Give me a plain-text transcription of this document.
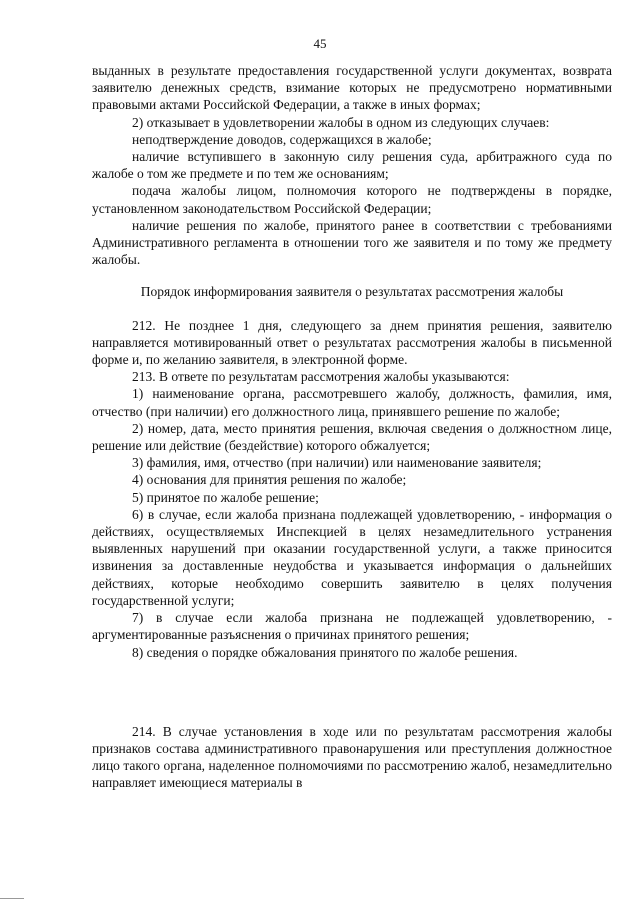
45

выданных в результате предоставления государственной услуги документах, возврата заявителю денежных средств, взимание которых не предусмотрено нормативными правовыми актами Российской Федерации, а также в иных формах;

2) отказывает в удовлетворении жалобы в одном из следующих случаев:

неподтверждение доводов, содержащихся в жалобе;

наличие вступившего в законную силу решения суда, арбитражного суда по жалобе о том же предмете и по тем же основаниям;

подача жалобы лицом, полномочия которого не подтверждены в порядке, установленном законодательством Российской Федерации;

наличие решения по жалобе, принятого ранее в соответствии с требованиями Административного регламента в отношении того же заявителя и по тому же предмету жалобы.

Порядок информирования заявителя о результатах рассмотрения жалобы

212. Не позднее 1 дня, следующего за днем принятия решения, заявителю направляется мотивированный ответ о результатах рассмотрения жалобы в письменной форме и, по желанию заявителя, в электронной форме.

213. В ответе по результатам рассмотрения жалобы указываются:

1) наименование органа, рассмотревшего жалобу, должность, фамилия, имя, отчество (при наличии) его должностного лица, принявшего решение по жалобе;

2) номер, дата, место принятия решения, включая сведения о должностном лице, решение или действие (бездействие) которого обжалуется;

3) фамилия, имя, отчество (при наличии) или наименование заявителя;

4) основания для принятия решения по жалобе;

5) принятое по жалобе решение;

6) в случае, если жалоба признана подлежащей удовлетворению, - информация о действиях, осуществляемых Инспекцией в целях незамедлительного устранения выявленных нарушений при оказании государственной услуги, а также приносится извинения за доставленные неудобства и указывается информация о дальнейших действиях, которые необходимо совершить заявителю в целях получения государственной услуги;

7) в случае если жалоба признана не подлежащей удовлетворению, - аргументированные разъяснения о причинах принятого решения;

8) сведения о порядке обжалования принятого по жалобе решения.

214. В случае установления в ходе или по результатам рассмотрения жалобы признаков состава административного правонарушения или преступления должностное лицо такого органа, наделенное полномочиями по рассмотрению жалоб, незамедлительно направляет имеющиеся материалы в
